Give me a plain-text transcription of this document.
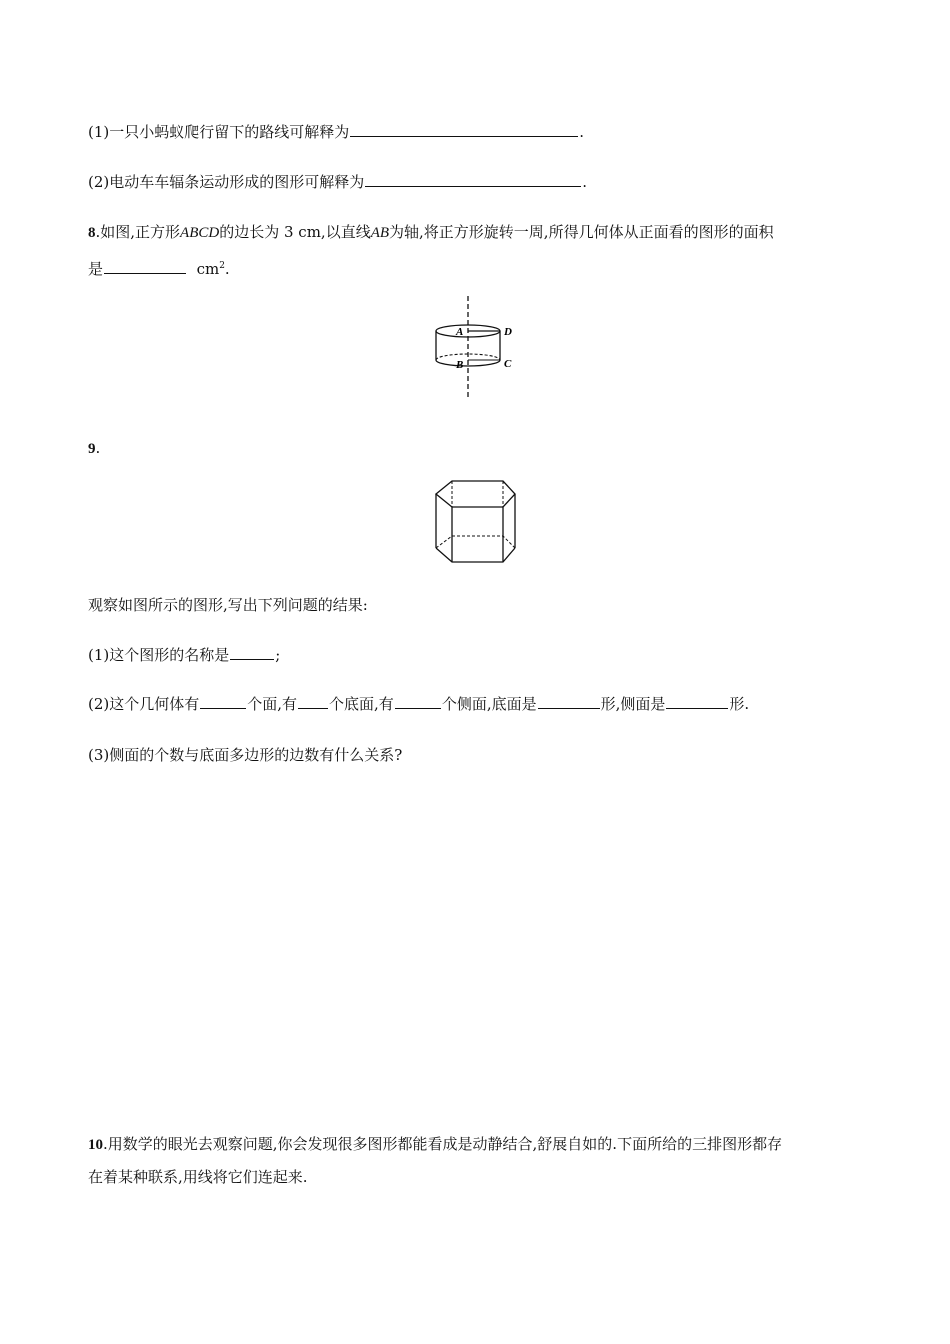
(1)一只小蚂蚁爬行留下的路线可解释为	.
(2)电动车车辐条运动形成的图形可解释为	.
8.如图,正方形ABCD的边长为 3 cm,以直线AB为轴,将正方形旋转一周,所得几何体从正面看的图形的面积
是	$cm^2$.
A	D
B	C
9.
观察如图所示的图形,写出下列问题的结果:
(1)这个图形的名称是	;
(2)这个几何体有	个面,有 个底面,有	个侧面,底面是	形,侧面是	形.
(3)侧面的个数与底面多边形的边数有什么关系?
10.用数学的眼光去观察问题,你会发现很多图形都能看成是动静结合,舒展自如的.下面所给的三排图形都存
在着某种联系,用线将它们连起来.
